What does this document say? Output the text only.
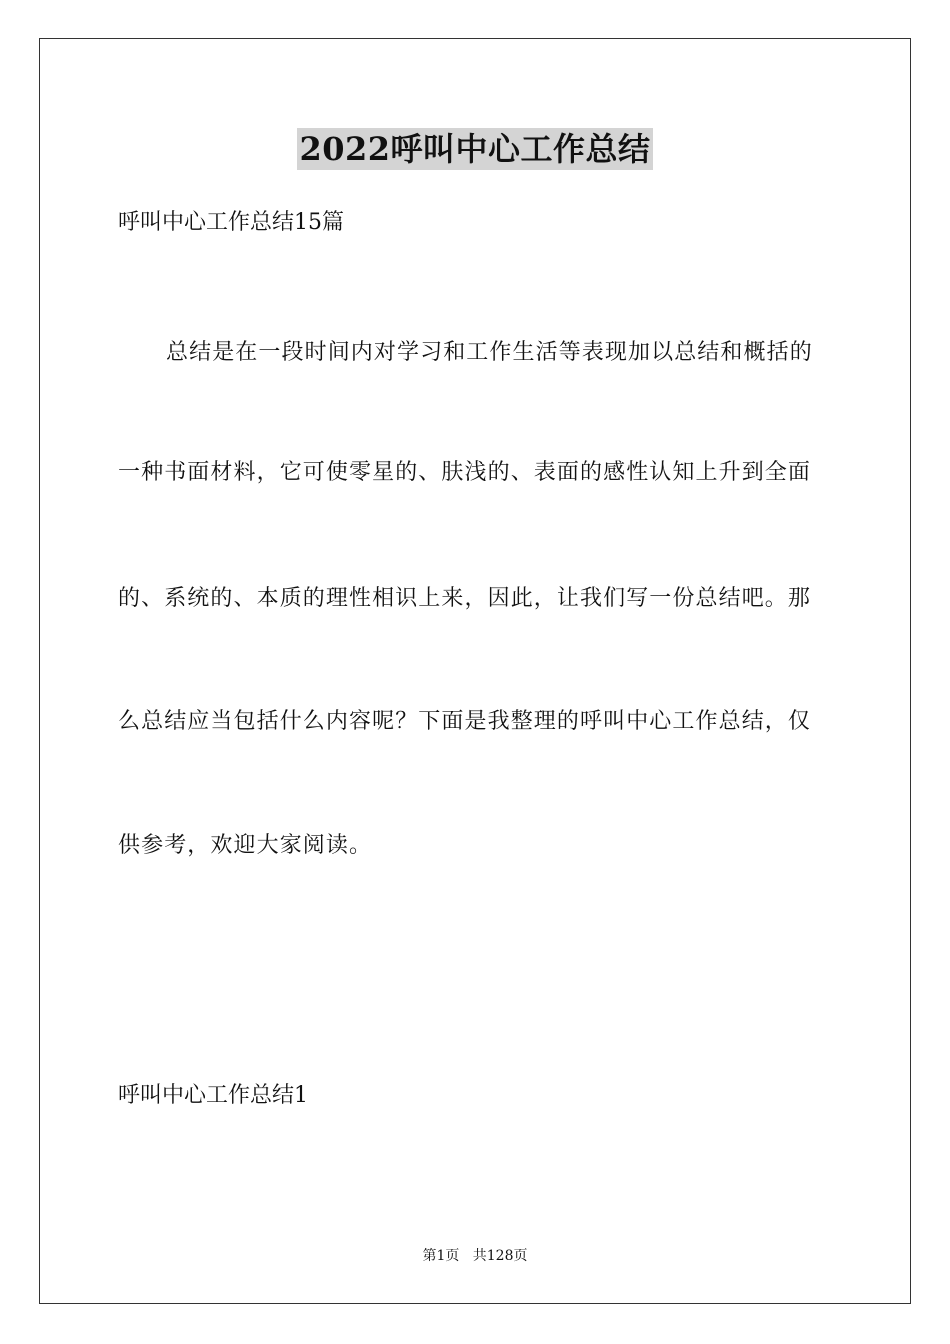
2022呼叫中心工作总结

呼叫中心工作总结15篇

总结是在一段时间内对学习和工作生活等表现加以总结和概括的

一种书面材料，它可使零星的、肤浅的、表面的感性认知上升到全面

的、系统的、本质的理性相识上来，因此，让我们写一份总结吧。那

么总结应当包括什么内容呢？下面是我整理的呼叫中心工作总结，仅

供参考，欢迎大家阅读。

呼叫中心工作总结1

第1页 共128页
